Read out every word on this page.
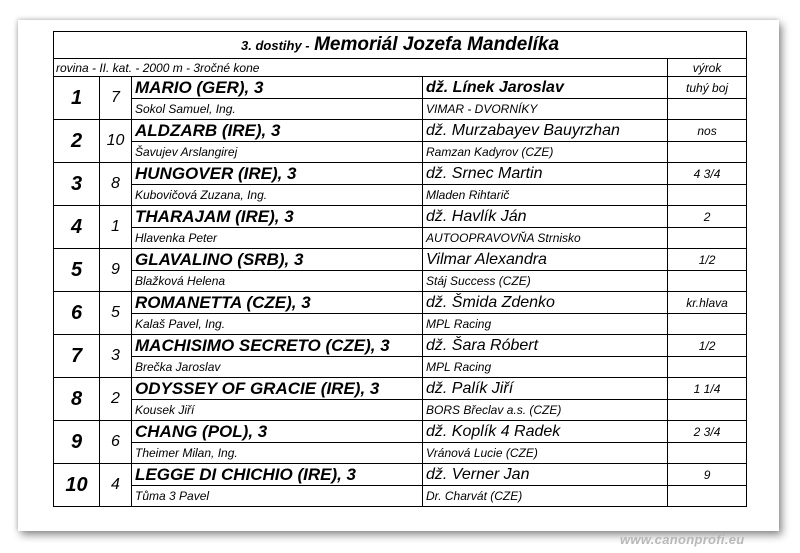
3. dostihy - Memoriál Jozefa Mandelíka				
rovina - II. kat. - 2000 m - 3ročné kone				výrok
1	7	MARIO (GER), 3	dž. Línek Jaroslav	tuhý boj
		Sokol Samuel, Ing.	VIMAR - DVORNÍKY	
2	10	ALDZARB (IRE), 3	dž. Murzabayev Bauyrzhan	nos
		Šavujev Arslangirej	Ramzan Kadyrov (CZE)	
3	8	HUNGOVER (IRE), 3	dž. Srnec Martin	4 3/4
		Kubovičová Zuzana, Ing.	Mladen Rihtarič	
4	1	THARAJAM (IRE), 3	dž. Havlík Ján	2
		Hlavenka Peter	AUTOOPRAVOVŇA Strnisko	
5	9	GLAVALINO (SRB), 3	Vilmar Alexandra	1/2
		Blažková Helena	Stáj Success (CZE)	
6	5	ROMANETTA (CZE), 3	dž. Šmida Zdenko	kr.hlava
		Kalaš Pavel, Ing.	MPL Racing	
7	3	MACHISIMO SECRETO (CZE), 3	dž. Šara Róbert	1/2
		Brečka Jaroslav	MPL Racing	
8	2	ODYSSEY OF GRACIE (IRE), 3	dž. Palík Jiří	1 1/4
		Kousek Jiří	BORS Břeclav a.s. (CZE)	
9	6	CHANG (POL), 3	dž. Koplík 4 Radek	2 3/4
		Theimer Milan, Ing.	Vránová Lucie (CZE)	
10	4	LEGGE DI CHICHIO (IRE), 3	dž. Verner Jan	9
		Tůma 3 Pavel	Dr. Charvát (CZE)	
www.canonprofi.eu
